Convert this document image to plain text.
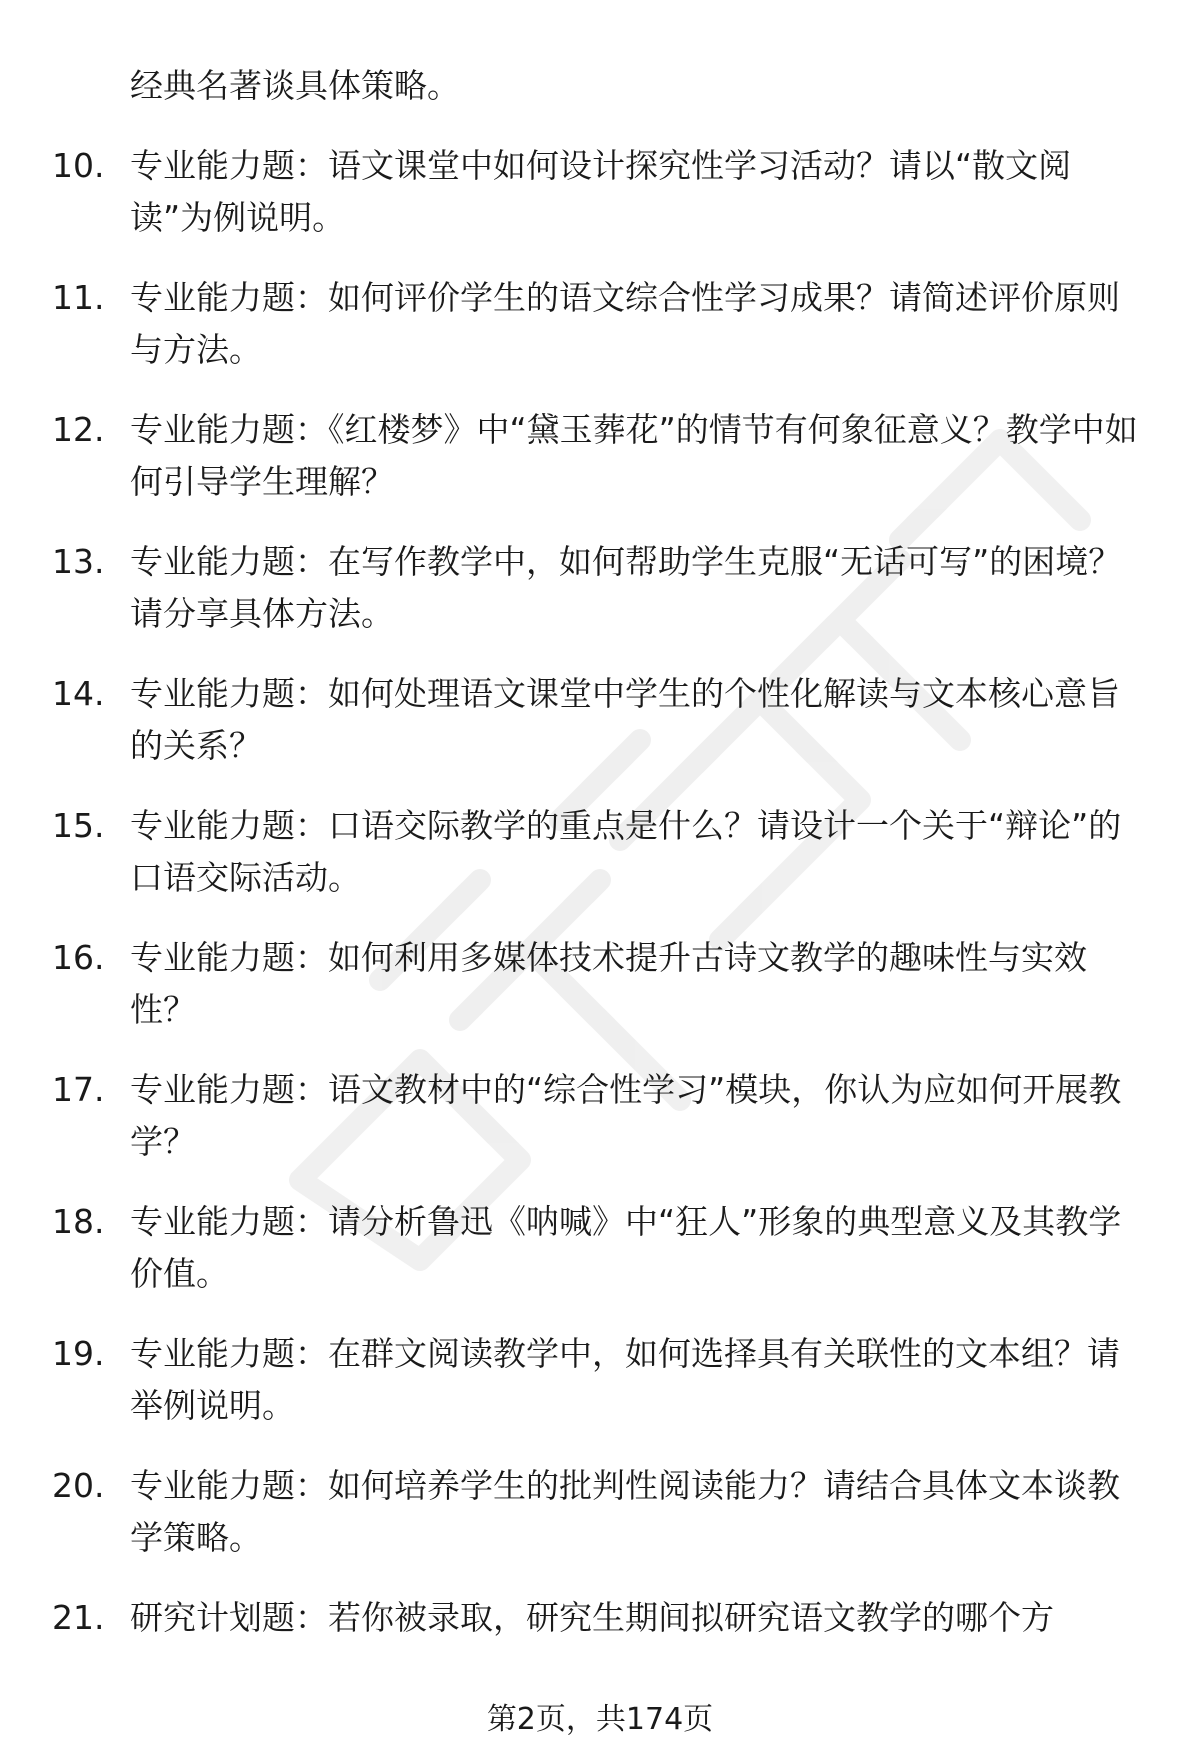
经典名著谈具体策略。
10. 专业能力题：语文课堂中如何设计探究性学习活动？请以“散文阅读”为例说明。
11. 专业能力题：如何评价学生的语文综合性学习成果？请简述评价原则与方法。
12. 专业能力题：《红楼梦》中“黛玉葬花”的情节有何象征意义？教学中如何引导学生理解？
13. 专业能力题：在写作教学中，如何帮助学生克服“无话可写”的困境？请分享具体方法。
14. 专业能力题：如何处理语文课堂中学生的个性化解读与文本核心意旨的关系？
15. 专业能力题：口语交际教学的重点是什么？请设计一个关于“辩论”的口语交际活动。
16. 专业能力题：如何利用多媒体技术提升古诗文教学的趣味性与实效性？
17. 专业能力题：语文教材中的“综合性学习”模块，你认为应如何开展教学？
18. 专业能力题：请分析鲁迅《呐喊》中“狂人”形象的典型意义及其教学价值。
19. 专业能力题：在群文阅读教学中，如何选择具有关联性的文本组？请举例说明。
20. 专业能力题：如何培养学生的批判性阅读能力？请结合具体文本谈教学策略。
21. 研究计划题：若你被录取，研究生期间拟研究语文教学的哪个方
第2页，共174页
